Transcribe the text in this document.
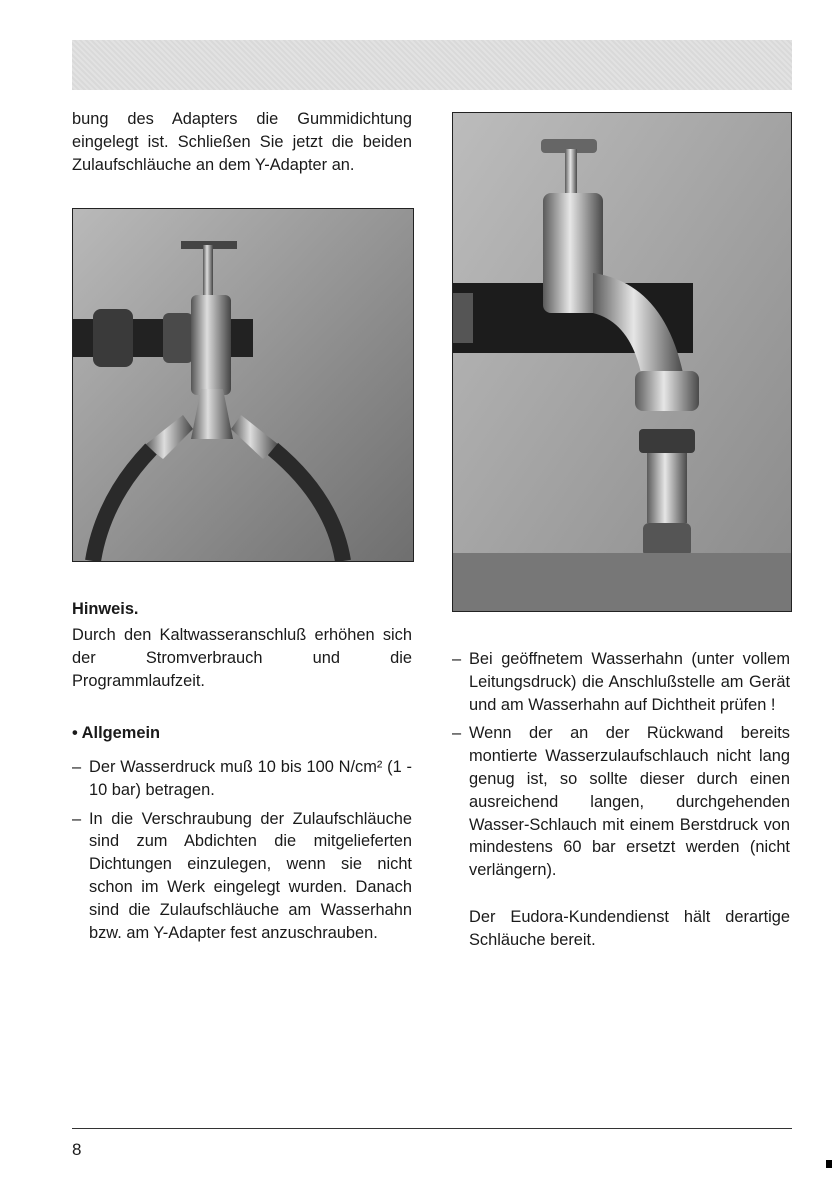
bung des Adapters die Gummidichtung eingelegt ist. Schließen Sie jetzt die beiden Zulaufschläuche an dem Y-Adapter an.

Hinweis.

Durch den Kaltwasseranschluß erhöhen sich der Stromverbrauch und die Programmlaufzeit.

• Allgemein

– Der Wasserdruck muß 10 bis 100 N/cm² (1 - 10 bar) betragen.
– In die Verschraubung der Zulaufschläuche sind zum Abdichten die mitgelieferten Dichtungen einzulegen, wenn sie nicht schon im Werk eingelegt wurden. Danach sind die Zulaufschläuche am Wasserhahn bzw. am Y-Adapter fest anzuschrauben.
– Bei geöffnetem Wasserhahn (unter vollem Leitungsdruck) die Anschlußstelle am Gerät und am Wasserhahn auf Dichtheit prüfen !
– Wenn der an der Rückwand bereits montierte Wasserzulaufschlauch nicht lang genug ist, so sollte dieser durch einen ausreichend langen, durchgehenden Wasser-Schlauch mit einem Berstdruck von mindestens 60 bar ersetzt werden (nicht verlängern).

Der Eudora-Kundendienst hält derartige Schläuche bereit.

8
